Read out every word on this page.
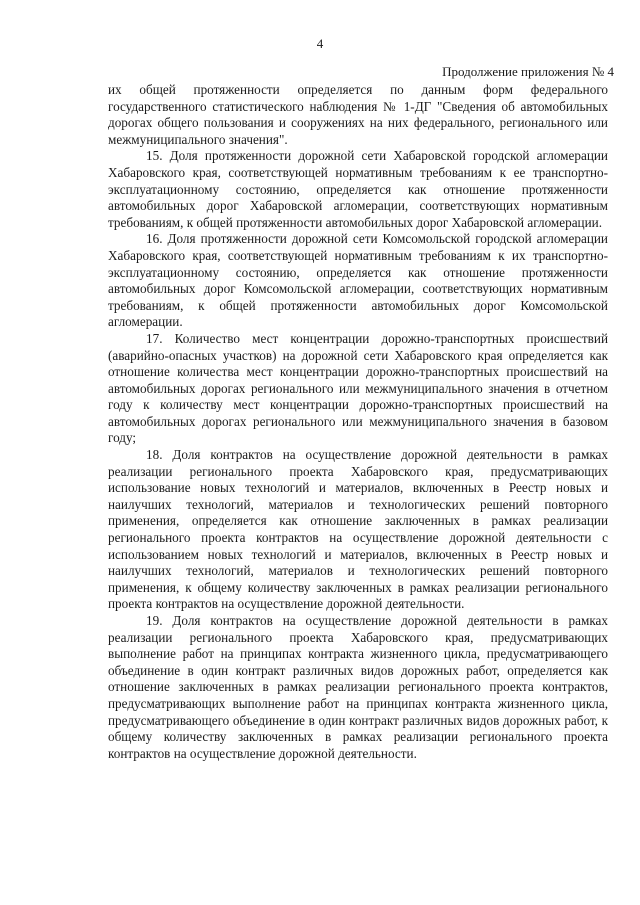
4
Продолжение приложения № 4

их общей протяженности определяется по данным форм федерального государственного статистического наблюдения № 1-ДГ "Сведения об автомобильных дорогах общего пользования и сооружениях на них федерального, регионального или межмуниципального значения".

15. Доля протяженности дорожной сети Хабаровской городской агломерации Хабаровского края, соответствующей нормативным требованиям к ее транспортно-эксплуатационному состоянию, определяется как отношение протяженности автомобильных дорог Хабаровской агломерации, соответствующих нормативным требованиям, к общей протяженности автомобильных дорог Хабаровской агломерации.

16. Доля протяженности дорожной сети Комсомольской городской агломерации Хабаровского края, соответствующей нормативным требованиям к их транспортно-эксплуатационному состоянию, определяется как отношение протяженности автомобильных дорог Комсомольской агломерации, соответствующих нормативным требованиям, к общей протяженности автомобильных дорог Комсомольской агломерации.

17. Количество мест концентрации дорожно-транспортных происшествий (аварийно-опасных участков) на дорожной сети Хабаровского края определяется как отношение количества мест концентрации дорожно-транспортных происшествий на автомобильных дорогах регионального или межмуниципального значения в отчетном году к количеству мест концентрации дорожно-транспортных происшествий на автомобильных дорогах регионального или межмуниципального значения в базовом году;

18. Доля контрактов на осуществление дорожной деятельности в рамках реализации регионального проекта Хабаровского края, предусматривающих использование новых технологий и материалов, включенных в Реестр новых и наилучших технологий, материалов и технологических решений повторного применения, определяется как отношение заключенных в рамках реализации регионального проекта контрактов на осуществление дорожной деятельности с использованием новых технологий и материалов, включенных в Реестр новых и наилучших технологий, материалов и технологических решений повторного применения, к общему количеству заключенных в рамках реализации регионального проекта контрактов на осуществление дорожной деятельности.

19. Доля контрактов на осуществление дорожной деятельности в рамках реализации регионального проекта Хабаровского края, предусматривающих выполнение работ на принципах контракта жизненного цикла, предусматривающего объединение в один контракт различных видов дорожных работ, определяется как отношение заключенных в рамках реализации регионального проекта контрактов, предусматривающих выполнение работ на принципах контракта жизненного цикла, предусматривающего объединение в один контракт различных видов дорожных работ, к общему количеству заключенных в рамках реализации регионального проекта контрактов на осуществление дорожной деятельности.
